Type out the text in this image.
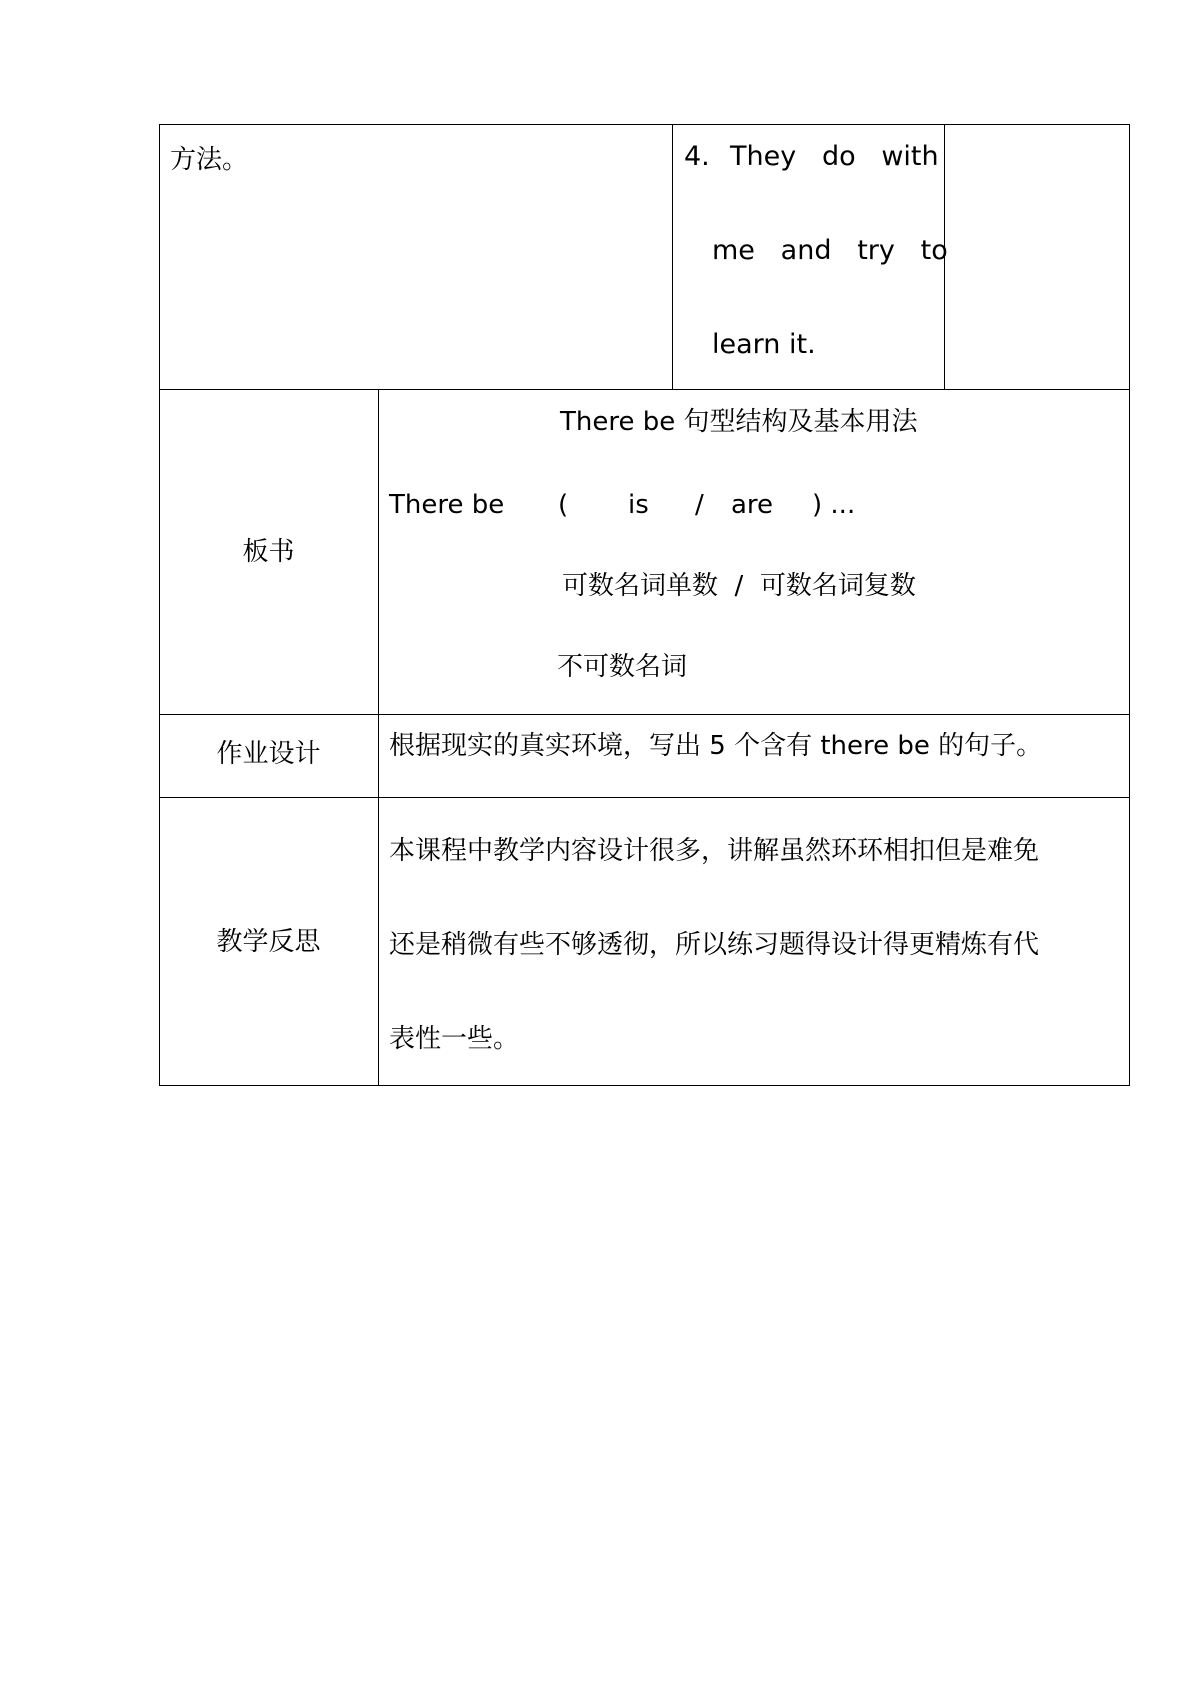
方法。	4. They   do   with
me   and   try   to
learn it.
板书
There be 句型结构及基本用法
There be ( is / are ) ...
可数名词单数  /  可数名词复数
不可数名词
作业设计	根据现实的真实环境，写出 5 个含有 there be 的句子。
教学反思
本课程中教学内容设计很多，讲解虽然环环相扣但是难免
还是稍微有些不够透彻，所以练习题得设计得更精炼有代
表性一些。
